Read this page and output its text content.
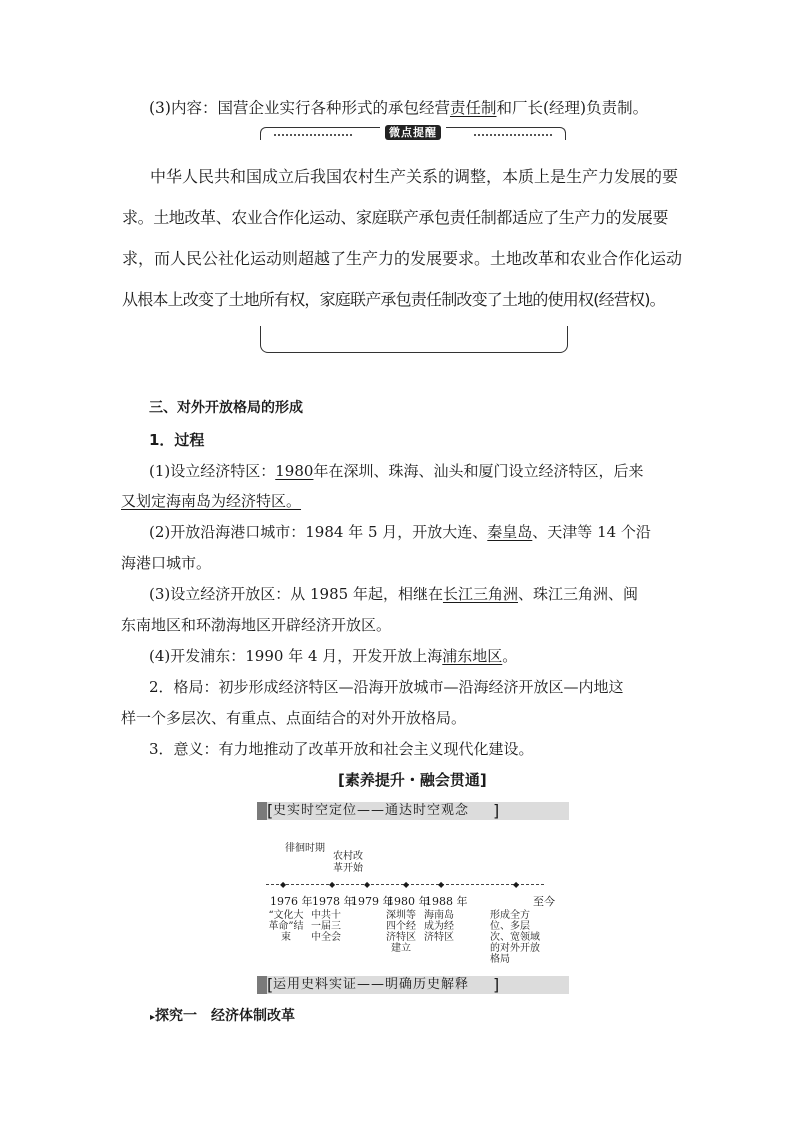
(3)内容：国营企业实行各种形式的承包经营责任制和厂长(经理)负责制。
微点提醒
中华人民共和国成立后我国农村生产关系的调整，本质上是生产力发展的要
求。土地改革、农业合作化运动、家庭联产承包责任制都适应了生产力的发展要
求，而人民公社化运动则超越了生产力的发展要求。土地改革和农业合作化运动
从根本上改变了土地所有权，家庭联产承包责任制改变了土地的使用权(经营权)。
三、对外开放格局的形成
1．过程
(1)设立经济特区：1980年在深圳、珠海、汕头和厦门设立经济特区，后来
又划定海南岛为经济特区。
(2)开放沿海港口城市：1984 年 5 月，开放大连、秦皇岛、天津等 14 个沿
海港口城市。
(3)设立经济开放区：从 1985 年起，相继在长江三角洲、珠江三角洲、闽
东南地区和环渤海地区开辟经济开放区。
(4)开发浦东：1990 年 4 月，开发开放上海浦东地区。
2．格局：初步形成经济特区—沿海开放城市—沿海经济开放区—内地这
样一个多层次、有重点、点面结合的对外开放格局。
3．意义：有力地推动了改革开放和社会主义现代化建设。
[素养提升・融会贯通]
[ 史实时空定位——通达时空观念 ]
徘徊时期
农村改
革开始
◆	◆	◆	◆	◆	◆
1976 年 1978 年
1979 年
1980 年
1988 年	至今
“文化大革命”结束
中共十一届三中全会
深圳等四个经济特区建立
海南岛成为经济特区
形成全方位、多层次、宽领域的对外开放格局
[ 运用史料实证——明确历史解释 ]
▸探究一　经济体制改革
